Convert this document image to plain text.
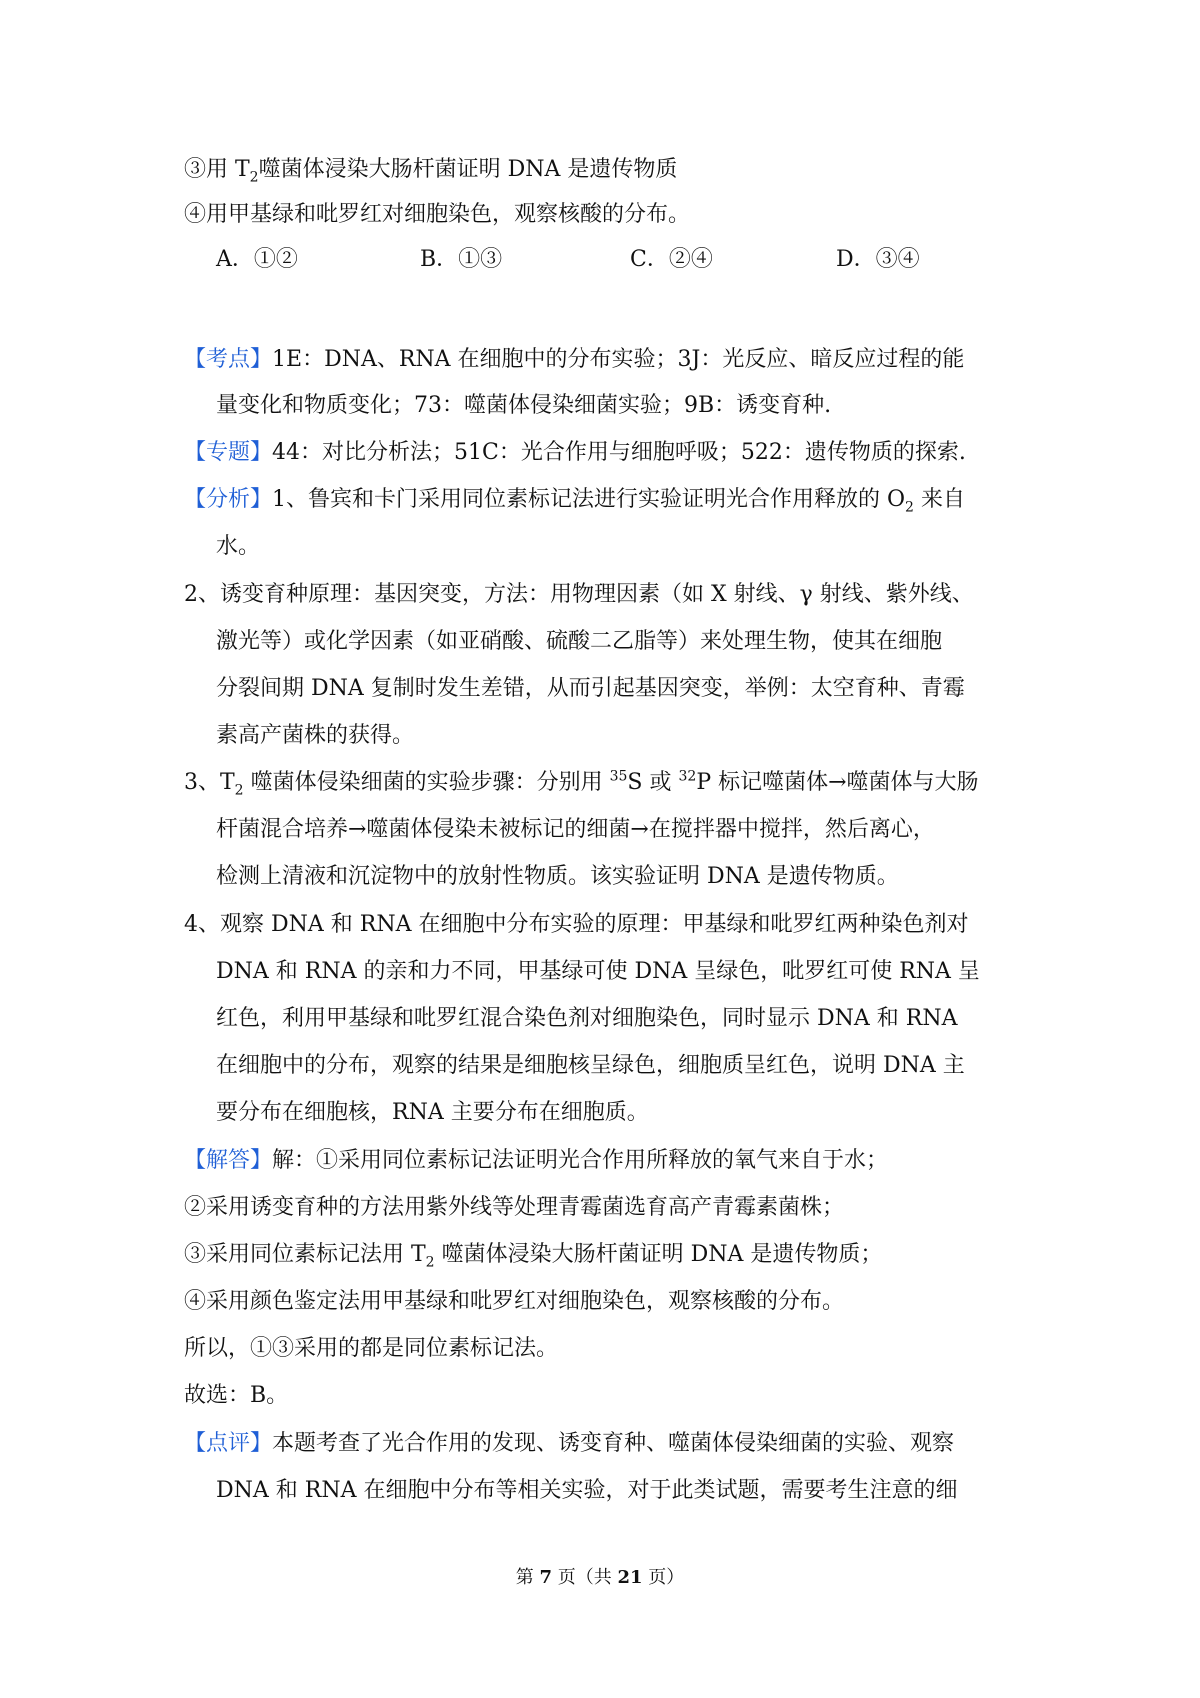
③用 $T_2$噬菌体浸染大肠杆菌证明 DNA 是遗传物质
④用甲基绿和吡罗红对细胞染色，观察核酸的分布。
A．①②	B．①③	C．②④	D．③④
【考点】1E：DNA、RNA 在细胞中的分布实验；3J：光反应、暗反应过程的能
量变化和物质变化；73：噬菌体侵染细菌实验；9B：诱变育种.
【专题】44：对比分析法；51C：光合作用与细胞呼吸；522：遗传物质的探索.
【分析】1、鲁宾和卡门采用同位素标记法进行实验证明光合作用释放的 $O_2$ 来自
水。
2、诱变育种原理：基因突变，方法：用物理因素（如 X 射线、γ 射线、紫外线、
激光等）或化学因素（如亚硝酸、硫酸二乙脂等）来处理生物，使其在细胞
分裂间期 DNA 复制时发生差错，从而引起基因突变，举例：太空育种、青霉
素高产菌株的获得。
3、$T_2$ 噬菌体侵染细菌的实验步骤：分别用 $^{35}$S 或 $^{32}$P 标记噬菌体→噬菌体与大肠
杆菌混合培养→噬菌体侵染未被标记的细菌→在搅拌器中搅拌，然后离心，
检测上清液和沉淀物中的放射性物质。该实验证明 DNA 是遗传物质。
4、观察 DNA 和 RNA 在细胞中分布实验的原理：甲基绿和吡罗红两种染色剂对
DNA 和 RNA 的亲和力不同，甲基绿可使 DNA 呈绿色，吡罗红可使 RNA 呈
红色，利用甲基绿和吡罗红混合染色剂对细胞染色，同时显示 DNA 和 RNA
在细胞中的分布，观察的结果是细胞核呈绿色，细胞质呈红色，说明 DNA 主
要分布在细胞核，RNA 主要分布在细胞质。
【解答】解：①采用同位素标记法证明光合作用所释放的氧气来自于水；
②采用诱变育种的方法用紫外线等处理青霉菌选育高产青霉素菌株；
③采用同位素标记法用 $T_2$ 噬菌体浸染大肠杆菌证明 DNA 是遗传物质；
④采用颜色鉴定法用甲基绿和吡罗红对细胞染色，观察核酸的分布。
所以，①③采用的都是同位素标记法。
故选：B。
【点评】本题考查了光合作用的发现、诱变育种、噬菌体侵染细菌的实验、观察
DNA 和 RNA 在细胞中分布等相关实验，对于此类试题，需要考生注意的细
第 7 页（共 21 页）
